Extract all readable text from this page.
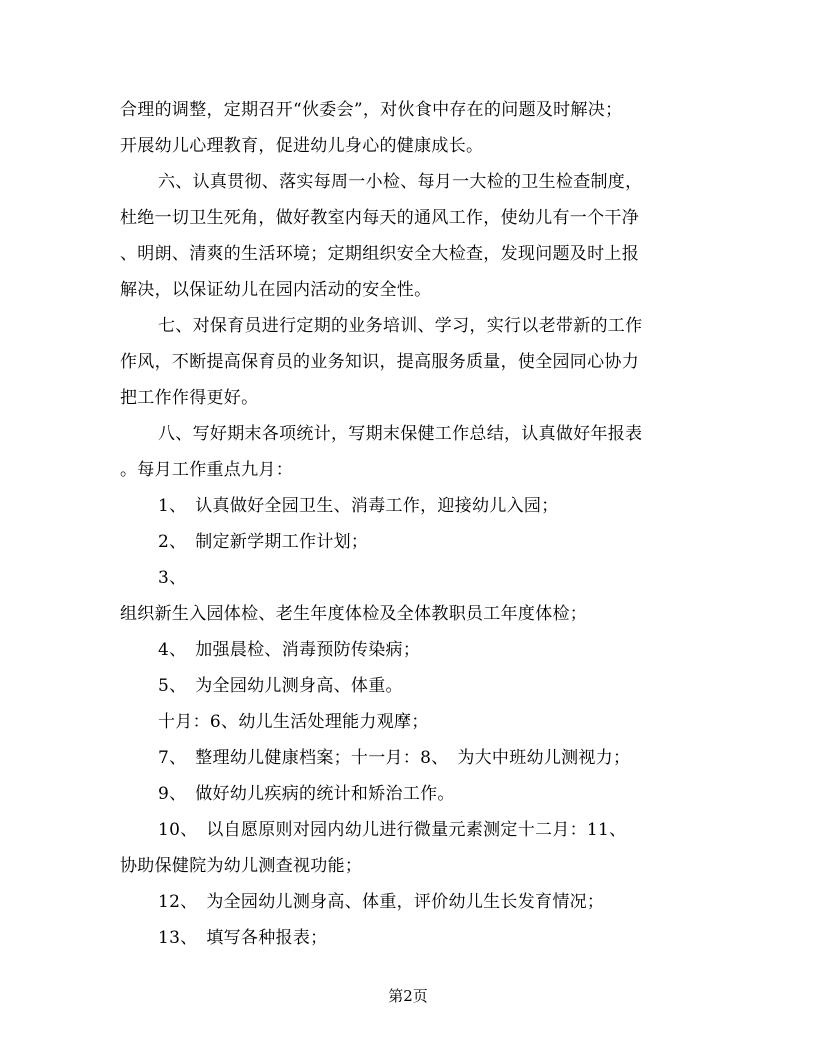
合理的调整，定期召开“伙委会”，对伙食中存在的问题及时解决；
开展幼儿心理教育，促进幼儿身心的健康成长。
六、认真贯彻、落实每周一小检、每月一大检的卫生检查制度，
杜绝一切卫生死角，做好教室内每天的通风工作，使幼儿有一个干净
、明朗、清爽的生活环境；定期组织安全大检查，发现问题及时上报
解决，以保证幼儿在园内活动的安全性。
七、对保育员进行定期的业务培训、学习，实行以老带新的工作
作风，不断提高保育员的业务知识，提高服务质量，使全园同心协力
把工作作得更好。
八、写好期末各项统计，写期末保健工作总结，认真做好年报表
。每月工作重点九月：
1、　认真做好全园卫生、消毒工作，迎接幼儿入园；
2、　制定新学期工作计划；
3、
组织新生入园体检、老生年度体检及全体教职员工年度体检；
4、　加强晨检、消毒预防传染病；
5、　为全园幼儿测身高、体重。
十月：6、幼儿生活处理能力观摩；
7、　整理幼儿健康档案；十一月：8、　为大中班幼儿测视力；
9、　做好幼儿疾病的统计和矫治工作。
10、　以自愿原则对园内幼儿进行微量元素测定十二月：11、
协助保健院为幼儿测查视功能；
12、　为全园幼儿测身高、体重，评价幼儿生长发育情况；
13、　填写各种报表；
第2页
